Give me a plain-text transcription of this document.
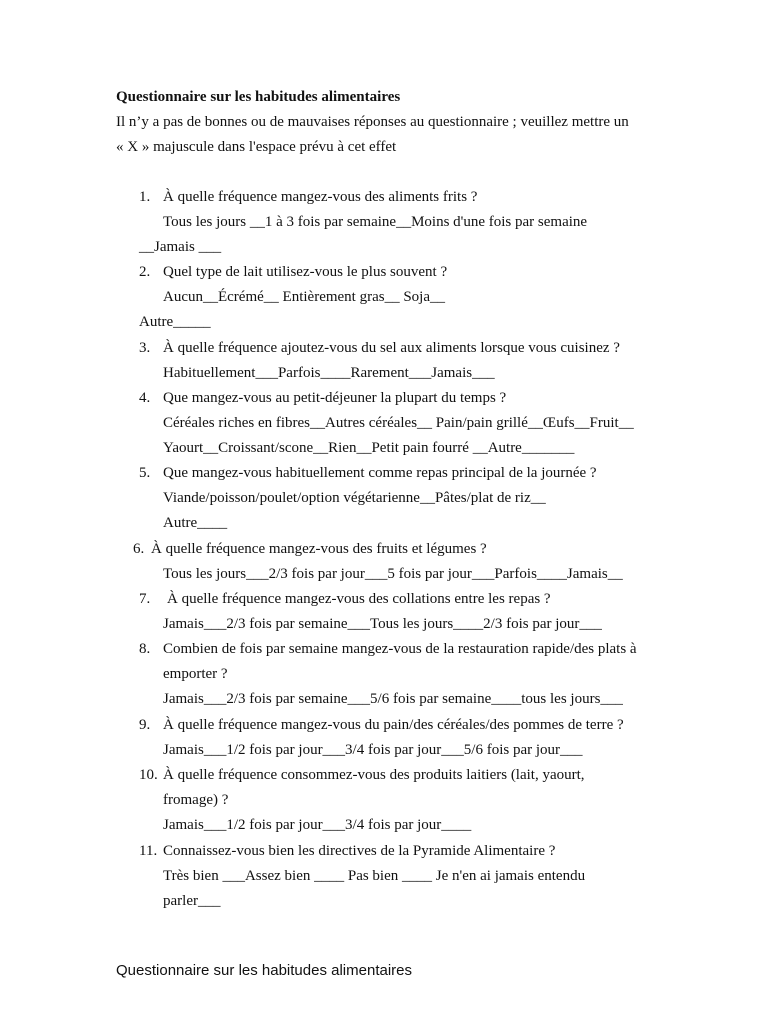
Questionnaire sur les habitudes alimentaires
Il n’y a pas de bonnes ou de mauvaises réponses au questionnaire ; veuillez mettre un
« X » majuscule dans l'espace prévu à cet effet
1. À quelle fréquence mangez-vous des aliments frits ?
Tous les jours __1 à 3 fois par semaine__Moins d'une fois par semaine
__Jamais ___
2. Quel type de lait utilisez-vous le plus souvent ?
Aucun__Écrémé__ Entièrement gras__ Soja__
Autre_____
3. À quelle fréquence ajoutez-vous du sel aux aliments lorsque vous cuisinez ?
Habituellement___Parfois____Rarement___Jamais___
4. Que mangez-vous au petit-déjeuner la plupart du temps ?
Céréales riches en fibres__Autres céréales__ Pain/pain grillé__Œufs__Fruit__
Yaourt__Croissant/scone__Rien__Petit pain fourré __Autre_______
5. Que mangez-vous habituellement comme repas principal de la journée ?
Viande/poisson/poulet/option végétarienne__Pâtes/plat de riz__
Autre____
6. À quelle fréquence mangez-vous des fruits et légumes ?
Tous les jours___2/3 fois par jour___5 fois par jour___Parfois____Jamais__
7. À quelle fréquence mangez-vous des collations entre les repas ?
Jamais___2/3 fois par semaine___Tous les jours____2/3 fois par jour___
8. Combien de fois par semaine mangez-vous de la restauration rapide/des plats à
emporter ?
Jamais___2/3 fois par semaine___5/6 fois par semaine____tous les jours___
9. À quelle fréquence mangez-vous du pain/des céréales/des pommes de terre ?
Jamais___1/2 fois par jour___3/4 fois par jour___5/6 fois par jour___
10. À quelle fréquence consommez-vous des produits laitiers (lait, yaourt,
fromage) ?
Jamais___1/2 fois par jour___3/4 fois par jour____
11. Connaissez-vous bien les directives de la Pyramide Alimentaire ?
Très bien ___Assez bien ____ Pas bien ____ Je n'en ai jamais entendu
parler___
Questionnaire sur les habitudes alimentaires
